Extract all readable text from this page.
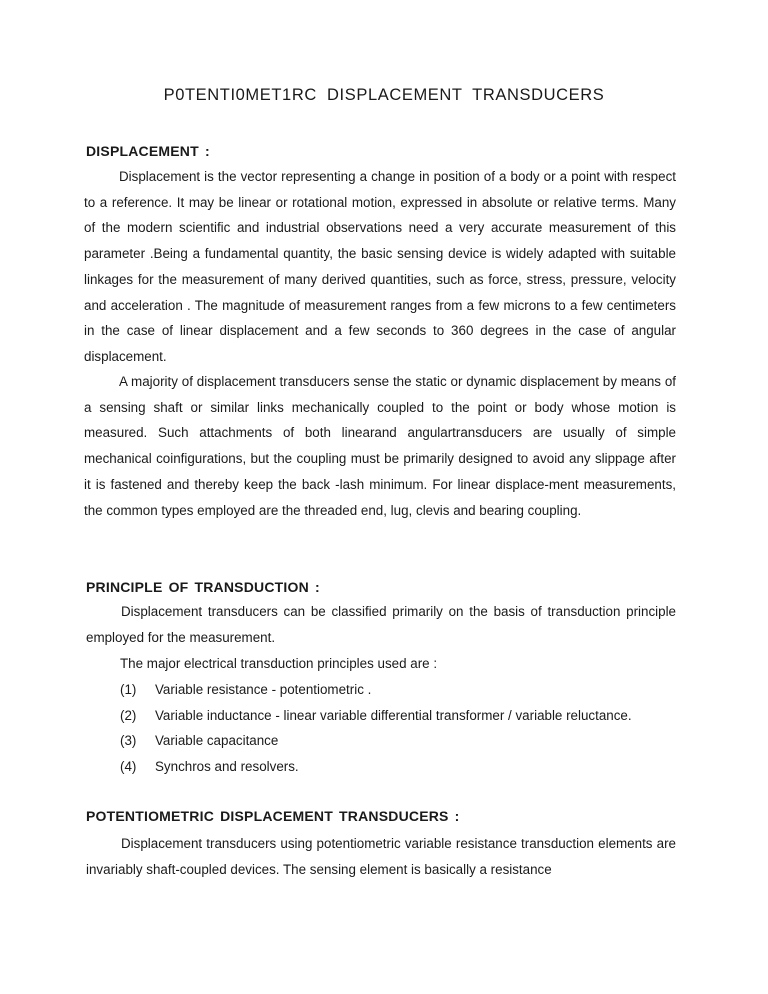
P0TENTI0MET1RC DISPLACEMENT TRANSDUCERS
DISPLACEMENT :

Displacement is the vector representing a change in position of a body or a point with respect to a reference. It may be linear or rotational motion, expressed in absolute or relative terms. Many of the modern scientific and industrial observations need a very accurate measurement of this parameter .Being a fundamental quantity, the basic sensing device is widely adapted with suitable linkages for the measurement of many derived quantities, such as force, stress, pressure, velocity and acceleration . The magnitude of measurement ranges from a few microns to a few centimeters in the case of linear displacement and a few seconds to 360 degrees in the case of angular displacement.

A majority of displacement transducers sense the static or dynamic displacement by means of a sensing shaft or similar links mechanically coupled to the point or body whose motion is measured. Such attachments of both linearand angulartransducers are usually of simple mechanical coinfigurations, but the coupling must be primarily designed to avoid any slippage after it is fastened and thereby keep the back -lash minimum. For linear displace-ment measurements, the common types employed are the threaded end, lug, clevis and bearing coupling.

PRINCIPLE OF TRANSDUCTION :

Displacement transducers can be classified primarily on the basis of transduction principle employed for the measurement.

The major electrical transduction principles used are :

(1) Variable resistance - potentiometric .
(2) Variable inductance - linear variable differential transformer / variable reluctance.
(3) Variable capacitance
(4) Synchros and resolvers.
POTENTIOMETRIC DISPLACEMENT TRANSDUCERS :

Displacement transducers using potentiometric variable resistance transduction elements are invariably shaft-coupled devices. The sensing element is basically a resistance
